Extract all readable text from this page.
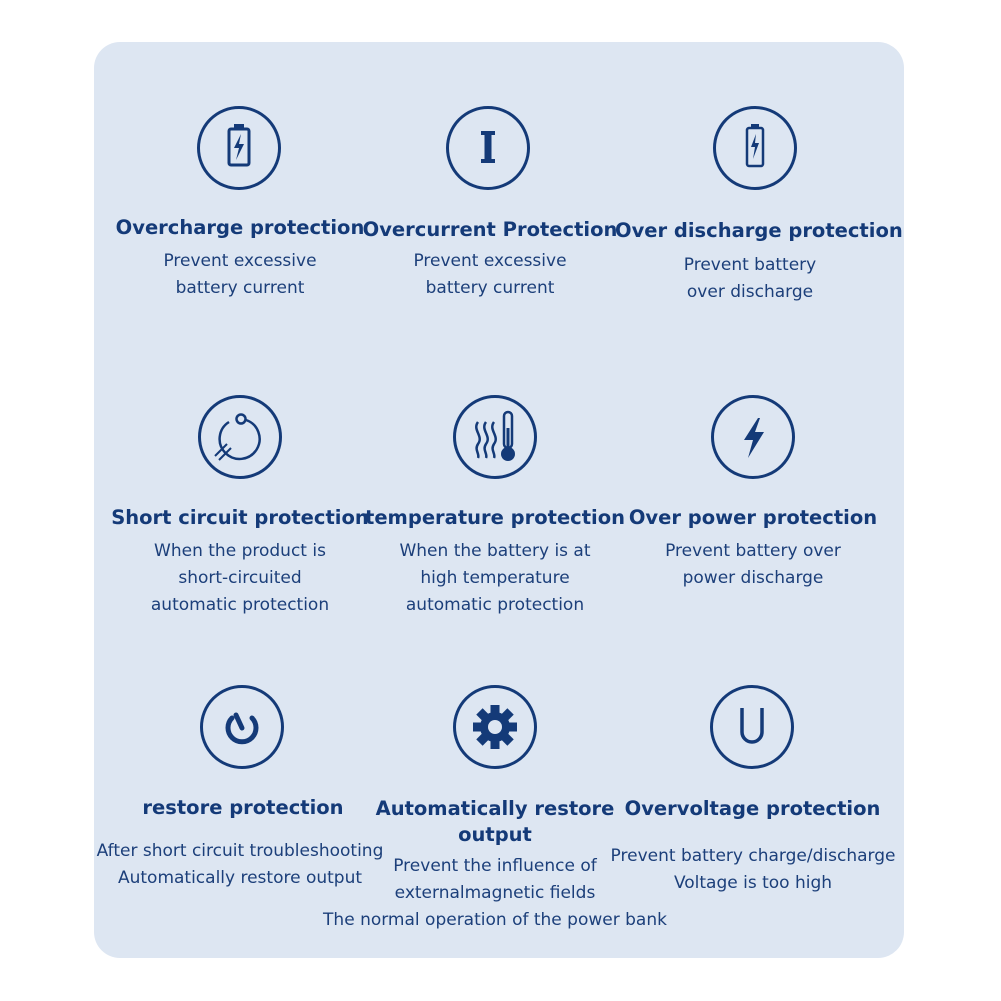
Overcharge protection
Prevent excessive
battery current
Overcurrent Protection
Prevent excessive
battery current
Over discharge protection
Prevent battery
over discharge
Short circuit protection
When the product is
short-circuited
automatic protection
temperature protection
When the battery is at
high temperature
automatic protection
Over power protection
Prevent battery over
power discharge
restore protection
After short circuit troubleshooting
Automatically restore output
Automatically restore
output
Prevent the influence of
externalmagnetic fields
The normal operation of the power bank
Overvoltage protection
Prevent battery charge/discharge
Voltage is too high
